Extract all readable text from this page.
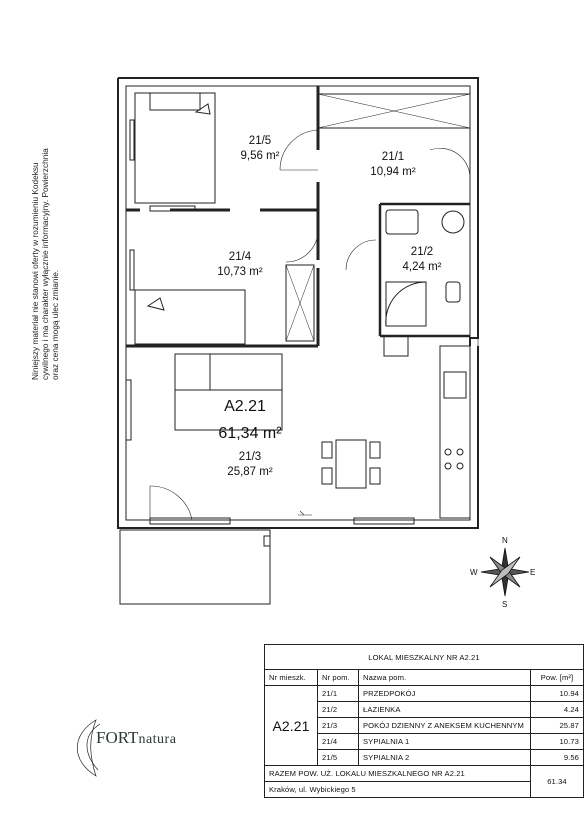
Niniejszy materiał nie stanowi oferty w rozumieniu Kodeksu cywilnego i ma charakter wyłącznie informacyjny. Powierzchnia oraz cena mogą ulec zmianie.
21/5
9,56 m²	21/1
10,94 m²
21/4
10,73 m²
21/2
4,24 m²
A2.21
61,34 m²
21/3
25,87 m²
N
S
E
W
LOKAL MIESZKALNY NR A2.21			
Nr mieszk.	Nr pom.	Nazwa pom.	Pow. [m²]
A2.21	21/1	PRZEDPOKÓJ	10.94
	21/2	ŁAZIENKA	4.24
	21/3	POKÓJ DZIENNY Z ANEKSEM KUCHENNYM	25.87
	21/4	SYPIALNIA 1	10.73
	21/5	SYPIALNIA 2	9.56
RAZEM POW. UŻ. LOKALU MIESZKALNEGO NR A2.21			61.34
Kraków, ul. Wybickiego 5			
FORTnatura
